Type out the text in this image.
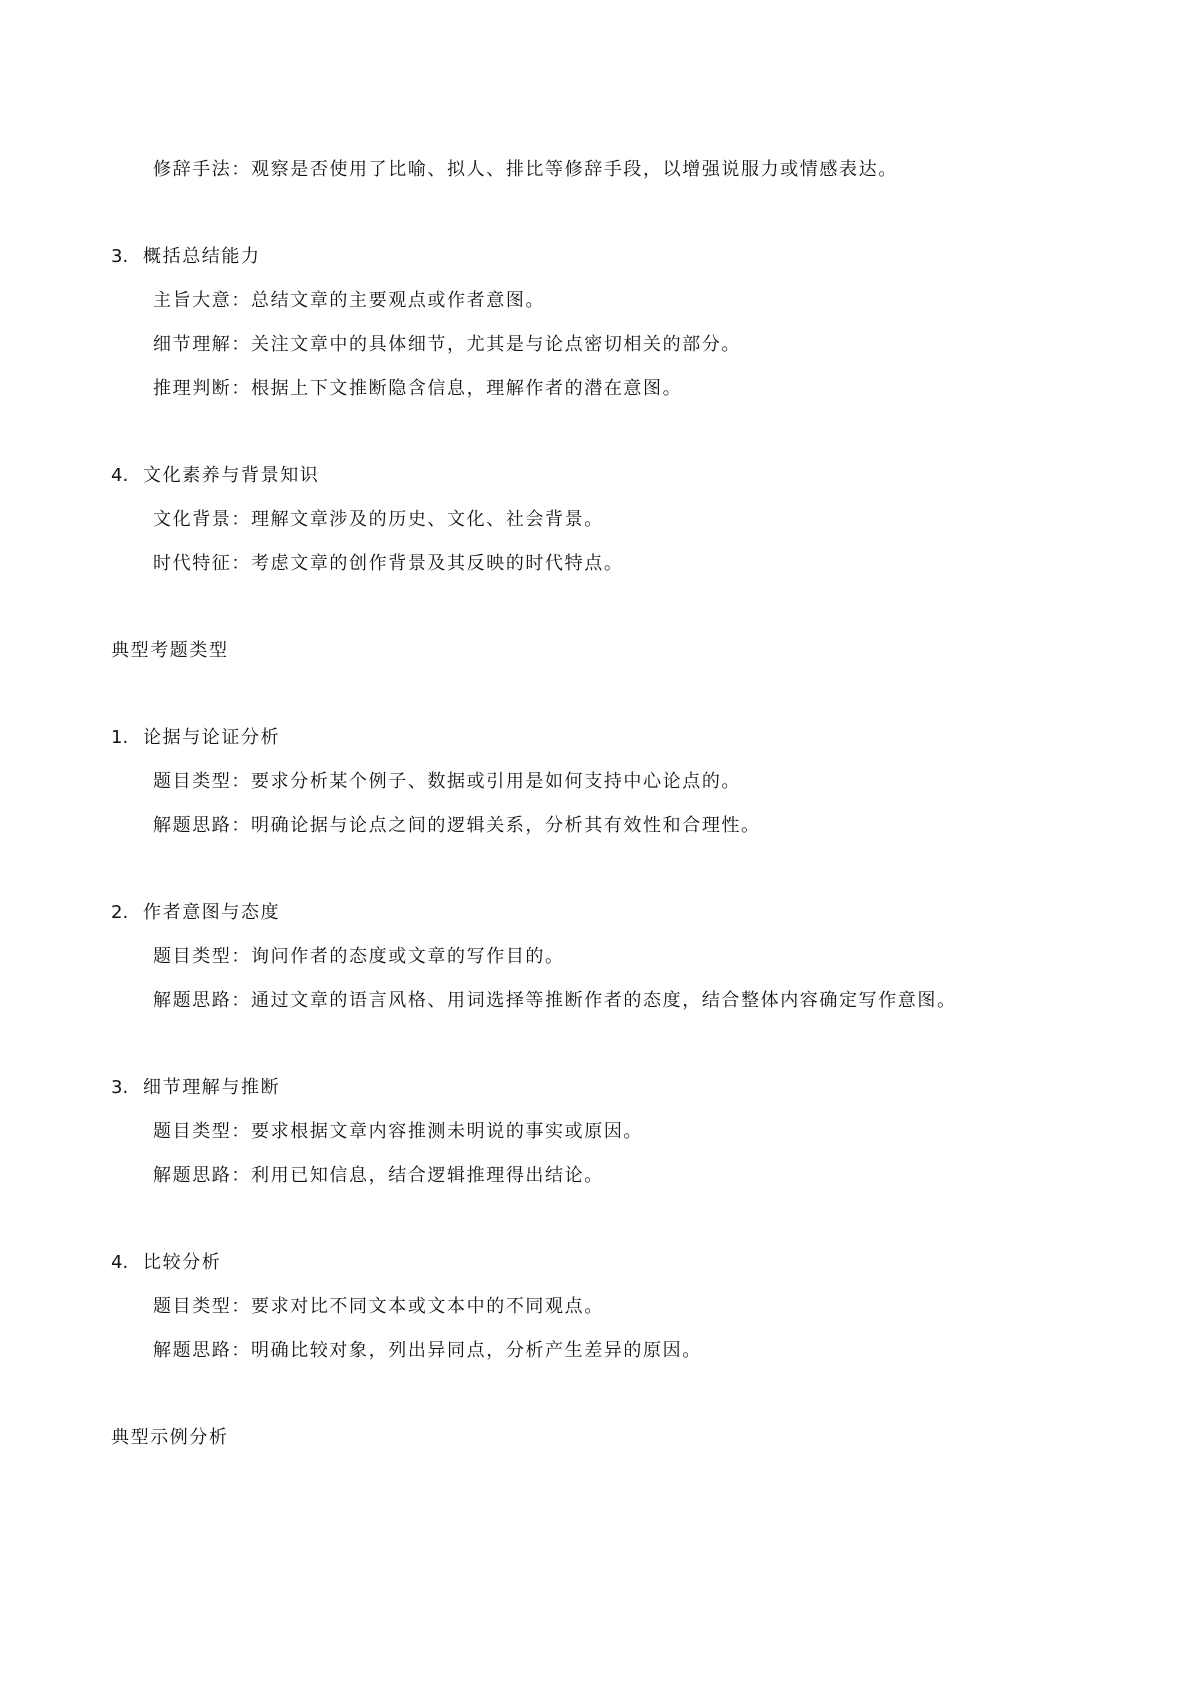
修辞手法：观察是否使用了比喻、拟人、排比等修辞手段，以增强说服力或情感表达。
3. 概括总结能力
主旨大意：总结文章的主要观点或作者意图。
细节理解：关注文章中的具体细节，尤其是与论点密切相关的部分。
推理判断：根据上下文推断隐含信息，理解作者的潜在意图。
4. 文化素养与背景知识
文化背景：理解文章涉及的历史、文化、社会背景。
时代特征：考虑文章的创作背景及其反映的时代特点。
典型考题类型
1. 论据与论证分析
题目类型：要求分析某个例子、数据或引用是如何支持中心论点的。
解题思路：明确论据与论点之间的逻辑关系，分析其有效性和合理性。
2. 作者意图与态度
题目类型：询问作者的态度或文章的写作目的。
解题思路：通过文章的语言风格、用词选择等推断作者的态度，结合整体内容确定写作意图。
3. 细节理解与推断
题目类型：要求根据文章内容推测未明说的事实或原因。
解题思路：利用已知信息，结合逻辑推理得出结论。
4. 比较分析
题目类型：要求对比不同文本或文本中的不同观点。
解题思路：明确比较对象，列出异同点，分析产生差异的原因。
典型示例分析
